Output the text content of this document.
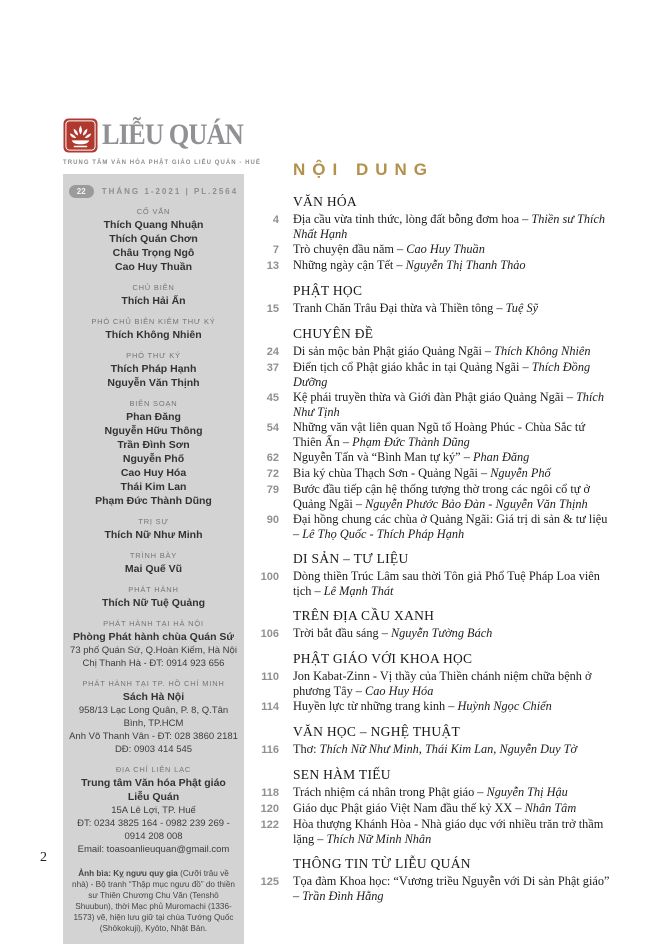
LIỄU QUÁN
TRUNG TÂM VĂN HÓA PHẬT GIÁO LIỄU QUÁN - HUẾ
22	THÁNG 1-2021 | PL.2564
CỐ VẤN
Thích Quang Nhuận
Thích Quán Chơn
Châu Trọng Ngô
Cao Huy Thuần
CHỦ BIÊN
Thích Hải Ấn
PHÓ CHỦ BIÊN KIÊM THƯ KÝ
Thích Không Nhiên
PHÓ THƯ KÝ
Thích Pháp Hạnh
Nguyễn Văn Thịnh
BIÊN SOẠN
Phan Đăng
Nguyễn Hữu Thông
Trần Đình Sơn
Nguyễn Phố
Cao Huy Hóa
Thái Kim Lan
Phạm Đức Thành Dũng
TRỊ SỰ
Thích Nữ Như Minh
TRÌNH BÀY
Mai Quế Vũ
PHÁT HÀNH
Thích Nữ Tuệ Quảng
PHÁT HÀNH TẠI HÀ NỘI
Phòng Phát hành chùa Quán Sứ
73 phố Quán Sứ, Q.Hoàn Kiếm, Hà Nội
Chị Thanh Hà - ĐT: 0914 923 656
PHÁT HÀNH TẠI TP. HỒ CHÍ MINH
Sách Hà Nội
958/13 Lạc Long Quân, P. 8, Q.Tân Bình, TP.HCM
Anh Võ Thanh Vân - ĐT: 028 3860 2181
DĐ: 0903 414 545
ĐỊA CHỈ LIÊN LẠC
Trung tâm Văn hóa Phật giáo Liễu Quán
15A Lê Lợi, TP. Huế
ĐT: 0234 3825 164 - 0982 239 269 - 0914 208 008
Email: toasoanlieuquan@gmail.com
Ảnh bìa: Kỵ ngưu quy gia (Cưỡi trâu về nhà) - Bộ tranh “Thập mục ngưu đồ” do thiền sư Thiên Chương Chu Văn (Tenshō Shuubun), thời Mạc phủ Muromachi (1336-1573) vẽ, hiện lưu giữ tại chùa Tướng Quốc (Shōkokuji), Kyōto, Nhật Bản.
NỘI DUNG
VĂN HÓA
4 Địa cầu vừa tỉnh thức, lòng đất bỗng đơm hoa – Thiền sư Thích Nhất Hạnh
7 Trò chuyện đầu năm – Cao Huy Thuần
13 Những ngày cận Tết – Nguyễn Thị Thanh Thảo
PHẬT HỌC
15 Tranh Chăn Trâu Đại thừa và Thiền tông – Tuệ Sỹ
CHUYÊN ĐỀ
24 Di sản mộc bản Phật giáo Quảng Ngãi – Thích Không Nhiên
37 Điển tịch cổ Phật giáo khắc in tại Quảng Ngãi – Thích Đồng Dưỡng
45 Kệ phái truyền thừa và Giới đàn Phật giáo Quảng Ngãi – Thích Như Tịnh
54 Những văn vật liên quan Ngũ tổ Hoàng Phúc - Chùa Sắc tứ Thiên Ấn – Phạm Đức Thành Dũng
62 Nguyễn Tấn và “Bình Man tự ký” – Phan Đăng
72 Bia ký chùa Thạch Sơn - Quảng Ngãi – Nguyễn Phố
79 Bước đầu tiếp cận hệ thống tượng thờ trong các ngôi cổ tự ở Quảng Ngãi – Nguyễn Phước Bảo Đàn - Nguyễn Văn Thịnh
90 Đại hồng chung các chùa ở Quảng Ngãi: Giá trị di sản & tư liệu – Lê Thọ Quốc - Thích Pháp Hạnh
DI SẢN – TƯ LIỆU
100 Dòng thiền Trúc Lâm sau thời Tôn giả Phổ Tuệ Pháp Loa viên tịch – Lê Mạnh Thát
TRÊN ĐỊA CẦU XANH
106 Trời bắt đầu sáng – Nguyễn Tường Bách
PHẬT GIÁO VỚI KHOA HỌC
110 Jon Kabat-Zinn - Vị thầy của Thiền chánh niệm chữa bệnh ở phương Tây – Cao Huy Hóa
114 Huyền lực từ những trang kinh – Huỳnh Ngọc Chiến
VĂN HỌC – NGHỆ THUẬT
116 Thơ: Thích Nữ Như Minh, Thái Kim Lan, Nguyễn Duy Tờ
SEN HÀM TIẾU
118 Trách nhiệm cá nhân trong Phật giáo – Nguyễn Thị Hậu
120 Giáo dục Phật giáo Việt Nam đầu thế kỷ XX – Nhân Tâm
122 Hòa thượng Khánh Hòa - Nhà giáo dục với nhiều trăn trở thầm lặng – Thích Nữ Minh Nhân
THÔNG TIN TỪ LIỄU QUÁN
125 Tọa đàm Khoa học: “Vương triều Nguyễn với Di sản Phật giáo” – Trần Đình Hằng
2
